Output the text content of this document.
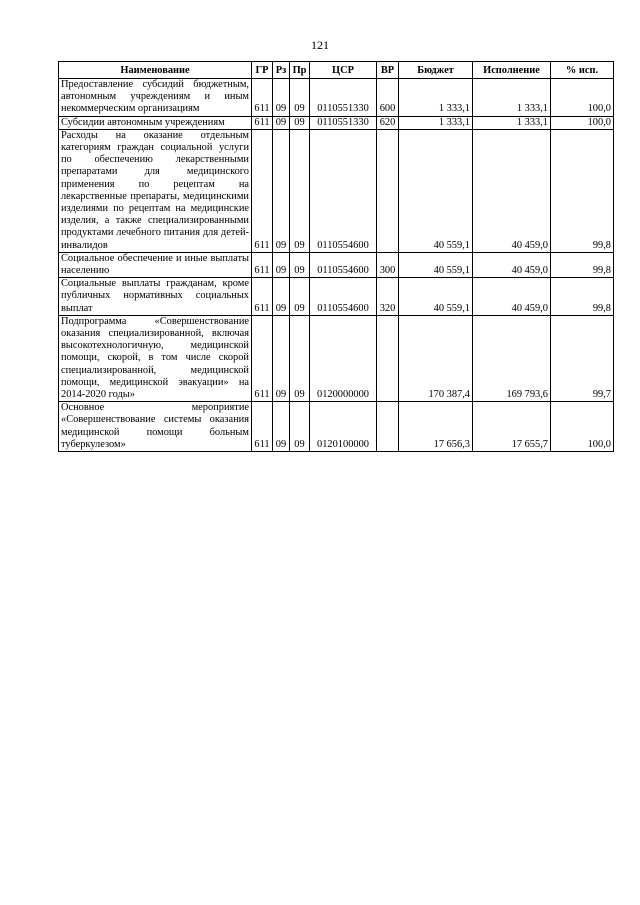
121
Наименование	ГР	Рз	Пр	ЦСР	ВР	Бюджет	Исполнение	% исп.
Предоставление субсидий бюджетным, автономным учреждениям и иным некоммерческим организациям	611	09	09	0110551330	600	1 333,1	1 333,1	100,0
Субсидии автономным учреждениям	611	09	09	0110551330	620	1 333,1	1 333,1	100,0
Расходы на оказание отдельным категориям граждан социальной услуги по обеспечению лекарственными препаратами для медицинского применения по рецептам на лекарственные препараты, медицинскими изделиями по рецептам на медицинские изделия, а также специализированными продуктами лечебного питания для детей-инвалидов	611	09	09	0110554600		40 559,1	40 459,0	99,8
Социальное обеспечение и иные выплаты населению	611	09	09	0110554600	300	40 559,1	40 459,0	99,8
Социальные выплаты гражданам, кроме публичных нормативных социальных выплат	611	09	09	0110554600	320	40 559,1	40 459,0	99,8
Подпрограмма «Совершенствование оказания специализированной, включая высокотехнологичную, медицинской помощи, скорой, в том числе скорой специализированной, медицинской помощи, медицинской эвакуации» на 2014-2020 годы»	611	09	09	0120000000		170 387,4	169 793,6	99,7
Основное мероприятие «Совершенствование системы оказания медицинской помощи больным туберкулезом»	611	09	09	0120100000		17 656,3	17 655,7	100,0
